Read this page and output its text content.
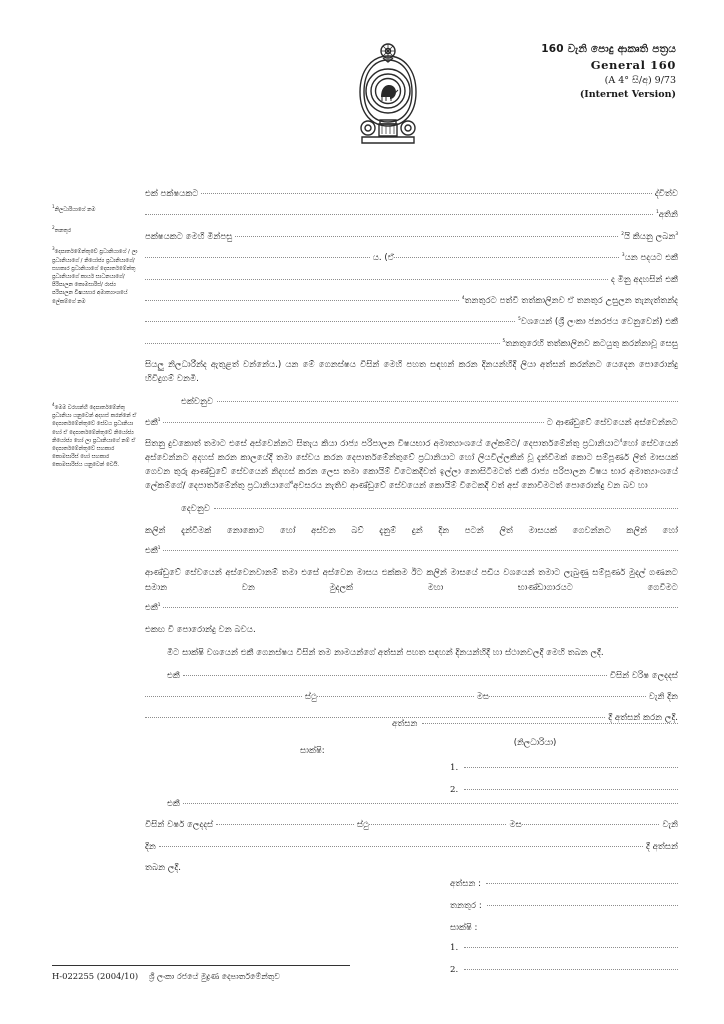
160 වැනි පොදු ආකෘති පත්‍රය
General 160
(A 4° සි/අ) 9/73
(Internet Version)
$^1$නිලධාරියාගේ නම
$^2$තනතුර
$^3$දෙපාර්තමේන්තුවේ ප්‍රධානියාගේ / ලා ප්‍රධානියාගේ / නියෝජ්‍ය ප්‍රධානියාගේ/ සහකාර ප්‍රධානියාගේ දෙපාර්තමේන්තු ප්‍රධානියාගේ කාර්ය සාධනයාගේ/ පිරිපාලන කොමසාරිස්/ රාජ්‍ය පරිපාලන විෂයභාර අමාත්‍යාංශයේ ලේකම්ගේ නම
$^4$මෙම වරහන්හි දෙපාර්තමේන්තු ප්‍රධානියා යනුවෙන් අදහස් කරන්නේ ඒ දෙපාර්තමේන්තුවේ සේවය ප්‍රධානියා හෝ ඒ දෙපාර්තමේන්තුවේ නියෝජ්‍ය නියෝජ්‍ය හෝ ලා ප්‍රධානියාගේ නම් ඒ දෙපාර්තමේන්තුවේ සහකාර කොමසාරිස් හෝ සහකාර කොමසාරිස්ය යනුවෙන් වෙයි.
එක් පක්ෂයකට	ද්විත්ව
$^1$අතිනි
පක්ෂයකට මෙහි මින්පසු	$^2$යි කියනු ලබන$^3$
ය. (ඒ	$^3$යන පදයට එකී
ද මිනු අදහසින් එකී
$^4$තනතුරට පත්වී තත්කාලිනව ඒ තනතුර උසුලන තැනැත්තන්ද
$^5$වශයෙන් (ශ්‍රී ලංකා ජනරජය වෙනුවෙන්) එකී
$^5$තනතුරෙහි තත්කාලිනව කටයුතු කරන්නාවූ සෙසු
සියලු නිලධාරීන්ද ඇතුළත් වන්නේය.) යන මේ ගෙනස්ෂය විසින් මෙහි පහත සඳහන් කරන දිනයන්හිදී ලියා අත්සන් කරන්නට යෙදෙන පොරොන්දු හිවිදුගම් වනමි.
එක්වනුව
එකී$^1$	ට ආණ්ඩුවේ සේවයෙන් අස්වෙන්නට
සිතනු දුවකොත් තමාට එසේ අස්වෙන්නට සිතැය කියා රාජ්‍ය පරිපාලන විෂයභාර අමාත්‍යාංශයේ ලේකම්ට/ දෙපාර්තමේන්තු ප්‍රධානියාට$^4$හෝ සේවයෙන් අස්වෙන්නට අදහස් කරන කාලයේදී තමා සේවය කරන දෙපාර්තමේන්තුවේ ප්‍රධානියාට හෝ ලියවිල්ලකින් වූ දැන්වීමක් කොට සම්පූර්ණ ලිත් මාසයක් ගෙවන තුරු ආණ්ඩුවේ සේවයෙන් නිදහස් කරන ලෙස තමා කොයිම් විටෙකදීවත් ඉල්ලා නොසිටීමටත් එකී රාජ්‍ය පරිපාලන විෂය භාර අමාත්‍යාංශයේ ලේකම්ගේ/ දෙපාර්තමේන්තු ප්‍රධානියාගේ$^4$අවසරය නැතිව ආණ්ඩුවේ සේවයෙන් කොයිම් විටෙකදී වත් අස් නොවීමටත් පොරොන්දු වන බව හා
දෙවනුව
කලින් දැන්වීමක් නොකොට හෝ අස්වන බව් දැනුම් දුන් දින පටන් ලිත් මාසයක් ගෙවන්නට කලින් හෝ
එකී$^1$
ආණ්ඩුවේ සේවයෙන් අස්වෙනවානම් තමා එසේ අස්වෙන මාසය එක්කම ඊට කලින් මාසයේ පඩිය වශයෙන් තමාට ලැබුණු සම්පූර්ණ මුදල් ගණනට සමාන වන මුදලක් මහා භාණ්ඩාගාරයට ගෙවීමට
එකී$^1$
එකඟ වී පොරොන්දු වන බවය.
මීට සාක්ෂි වශයෙන් එකී ගෙනස්ෂය විසින් තම නාමයන්ගේ අත්සන් පහත සඳහන් දිනයන්හිදී හා ස්ථානවලදී මෙහි තබන ලදී.
එකී	විසින් වරිෂ ලෙදදස්
ස්ථු	මස	වැනි දින
දී අත්සන් කරන ලදී.
අත්සන
(නිලධාරියා)
සාක්ෂි:
1.
2.
එකී
විසින් වර්ෂ ලෙදදස්	ස්ථු	මස	වැනි
දින	දී අත්සන්
තබන ලදී.
අත්සන :
තනතුර :
සාක්ෂි :
1.
2.
H-022255 (2004/10) ශ්‍රී ලංකා රජයේ මුද්‍රණ දෙපාර්තමේන්තුව
